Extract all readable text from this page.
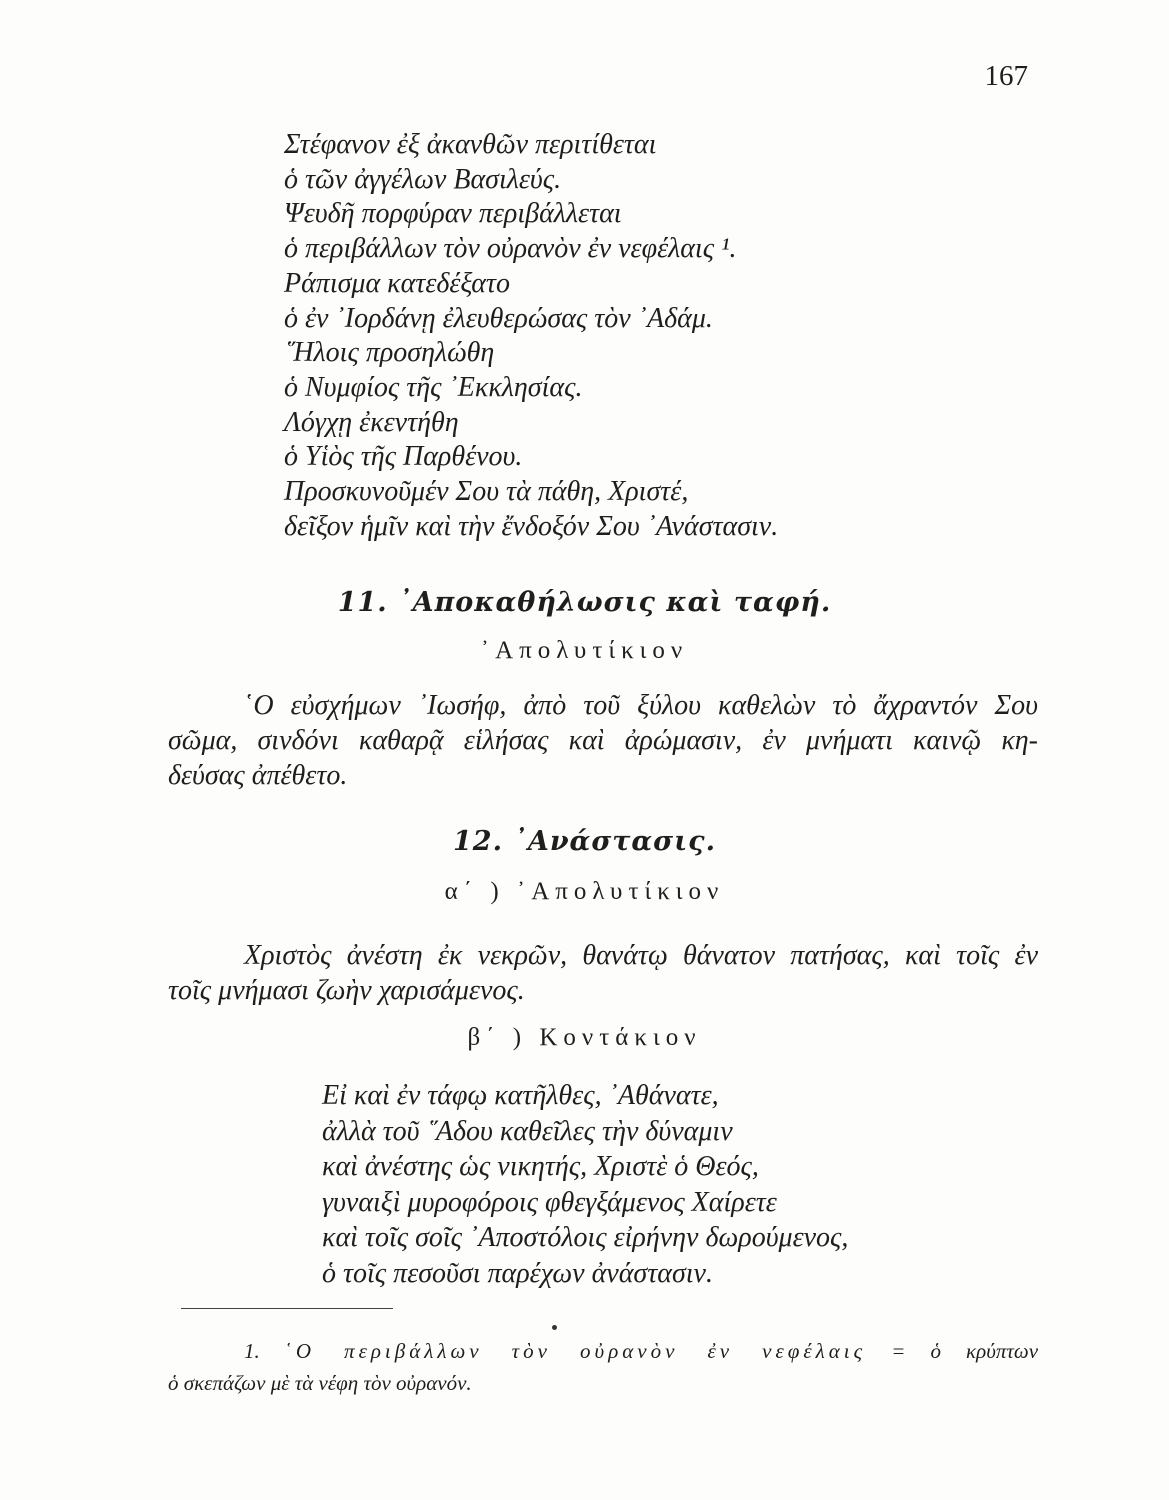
167
Στέφανον ἐξ ἀκανθῶν περιτίθεται
ὁ τῶν ἀγγέλων Βασιλεύς.
Ψευδῆ πορφύραν περιβάλλεται
ὁ περιβάλλων τὸν οὐρανὸν ἐν νεφέλαις ¹.
Ράπισμα κατεδέξατο
ὁ ἐν ᾿Ιορδάνῃ ἐλευθερώσας τὸν ᾿Αδάμ.
῞Ηλοις προσηλώθη
ὁ Νυμφίος τῆς ᾿Εκκλησίας.
Λόγχῃ ἐκεντήθη
ὁ Υἱὸς τῆς Παρθένου.
Προσκυνοῦμέν Σου τὰ πάθη, Χριστέ,
δεῖξον ἡμῖν καὶ τὴν ἔνδοξόν Σου ᾿Ανάστασιν.
11. ᾿Αποκαθήλωσις καὶ ταφή.
᾿Απολυτίκιον
῾Ο εὐσχήμων ᾿Ιωσήφ, ἀπὸ τοῦ ξύλου καθελὼν τὸ ἄχραντόν Σου
σῶμα, σινδόνι καθαρᾷ εἱλήσας καὶ ἀρώμασιν, ἐν μνήματι καινῷ κη-
δεύσας ἀπέθετο.
12. ᾿Ανάστασις.
α΄ ) ᾿Απολυτίκιον
Χριστὸς ἀνέστη ἐκ νεκρῶν, θανάτῳ θάνατον πατήσας, καὶ τοῖς ἐν
τοῖς μνήμασι ζωὴν χαρισάμενος.
β΄ ) Κοντάκιον
Εἰ καὶ ἐν τάφῳ κατῆλθες, ᾿Αθάνατε,
ἀλλὰ τοῦ ῞Αδου καθεῖλες τὴν δύναμιν
καὶ ἀνέστης ὡς νικητής, Χριστὲ ὁ Θεός,
γυναιξὶ μυροφόροις φθεγξάμενος Χαίρετε
καὶ τοῖς σοῖς ᾿Αποστόλοις εἰρήνην δωρούμενος,
ὁ τοῖς πεσοῦσι παρέχων ἀνάστασιν.
1. ῾Ο περιβάλλων τὸν οὐρανὸν ἐν νεφέλαις = ὁ κρύπτων
ὁ σκεπάζων μὲ τὰ νέφη τὸν οὐρανόν.
